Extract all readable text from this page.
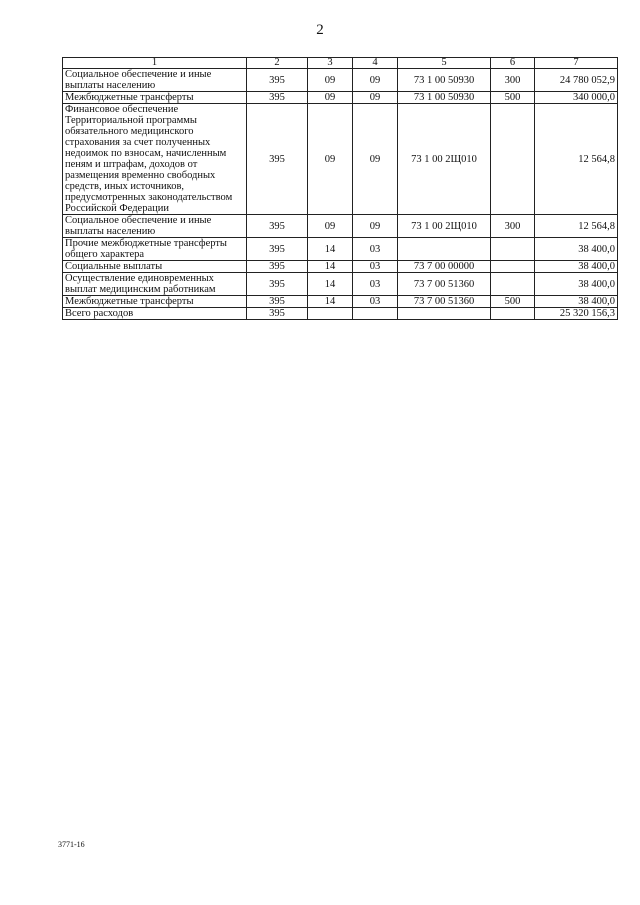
2
1	2	3	4	5	6	7
Социальное обеспечение и иные выплаты населению	395	09	09	73 1 00 50930	300	24 780 052,9
Межбюджетные трансферты	395	09	09	73 1 00 50930	500	340 000,0
Финансовое обеспечение Территориальной программы обязательного медицинского страхования за счет полученных недоимок по взносам, начисленным пеням и штрафам, доходов от размещения временно свободных средств, иных источников, предусмотренных законодательством Российской Федерации	395	09	09	73 1 00 2Щ010		12 564,8
Социальное обеспечение и иные выплаты населению	395	09	09	73 1 00 2Щ010	300	12 564,8
Прочие межбюджетные трансферты общего характера	395	14	03			38 400,0
Социальные выплаты	395	14	03	73 7 00 00000		38 400,0
Осуществление единовременных выплат медицинским работникам	395	14	03	73 7 00 51360		38 400,0
Межбюджетные трансферты	395	14	03	73 7 00 51360	500	38 400,0
Всего расходов	395					25 320 156,3
3771-16
